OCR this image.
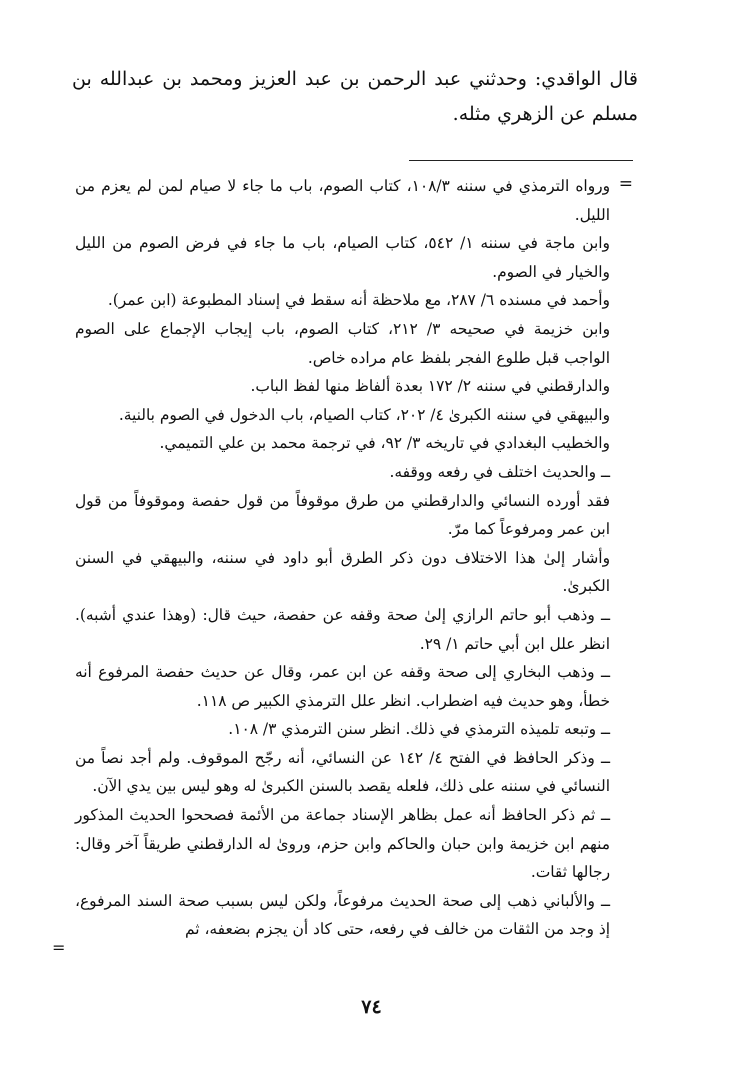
قال الواقدي: وحدثني عبد الرحمن بن عبد العزيز ومحمد بن عبدالله بن مسلم عن الزهري مثله.

=

ورواه الترمذي في سننه ١٠٨/٣، كتاب الصوم، باب ما جاء لا صيام لمن لم يعزم من الليل.

وابن ماجة في سننه ١/ ٥٤٢، كتاب الصيام، باب ما جاء في فرض الصوم من الليل والخيار في الصوم.

وأحمد في مسنده ٦/ ٢٨٧، مع ملاحظة أنه سقط في إسناد المطبوعة (ابن عمر).

وابن خزيمة في صحيحه ٣/ ٢١٢، كتاب الصوم، باب إيجاب الإجماع على الصوم الواجب قبل طلوع الفجر بلفظ عام مراده خاص.

والدارقطني في سننه ٢/ ١٧٢ بعدة ألفاظ منها لفظ الباب.

والبيهقي في سننه الكبرىٰ ٤/ ٢٠٢، كتاب الصيام، باب الدخول في الصوم بالنية.

والخطيب البغدادي في تاريخه ٣/ ٩٢، في ترجمة محمد بن علي التميمي.

ــ والحديث اختلف في رفعه ووقفه.

فقد أورده النسائي والدارقطني من طرق موقوفاً من قول حفصة وموقوفاً من قول ابن عمر ومرفوعاً كما مرّ.

وأشار إلىٰ هذا الاختلاف دون ذكر الطرق أبو داود في سننه، والبيهقي في السنن الكبرىٰ.

ــ وذهب أبو حاتم الرازي إلىٰ صحة وقفه عن حفصة، حيث قال: (وهذا عندي أشبه). انظر علل ابن أبي حاتم ١/ ٢٩.

ــ وذهب البخاري إلى صحة وقفه عن ابن عمر، وقال عن حديث حفصة المرفوع أنه خطأ، وهو حديث فيه اضطراب. انظر علل الترمذي الكبير ص ١١٨.

ــ وتبعه تلميذه الترمذي في ذلك. انظر سنن الترمذي ٣/ ١٠٨.

ــ وذكر الحافظ في الفتح ٤/ ١٤٢ عن النسائي، أنه رجّح الموقوف. ولم أجد نصاً من النسائي في سننه على ذلك، فلعله يقصد بالسنن الكبرىٰ له وهو ليس بين يدي الآن.

ــ ثم ذكر الحافظ أنه عمل بظاهر الإسناد جماعة من الأئمة فصححوا الحديث المذكور منهم ابن خزيمة وابن حبان والحاكم وابن حزم، وروىٰ له الدارقطني طريقاً آخر وقال: رجالها ثقات.

ــ والألباني ذهب إلى صحة الحديث مرفوعاً، ولكن ليس بسبب صحة السند المرفوع، إذ وجد من الثقات من خالف في رفعه، حتى كاد أن يجزم بضعفه، ثم

=
٧٤
